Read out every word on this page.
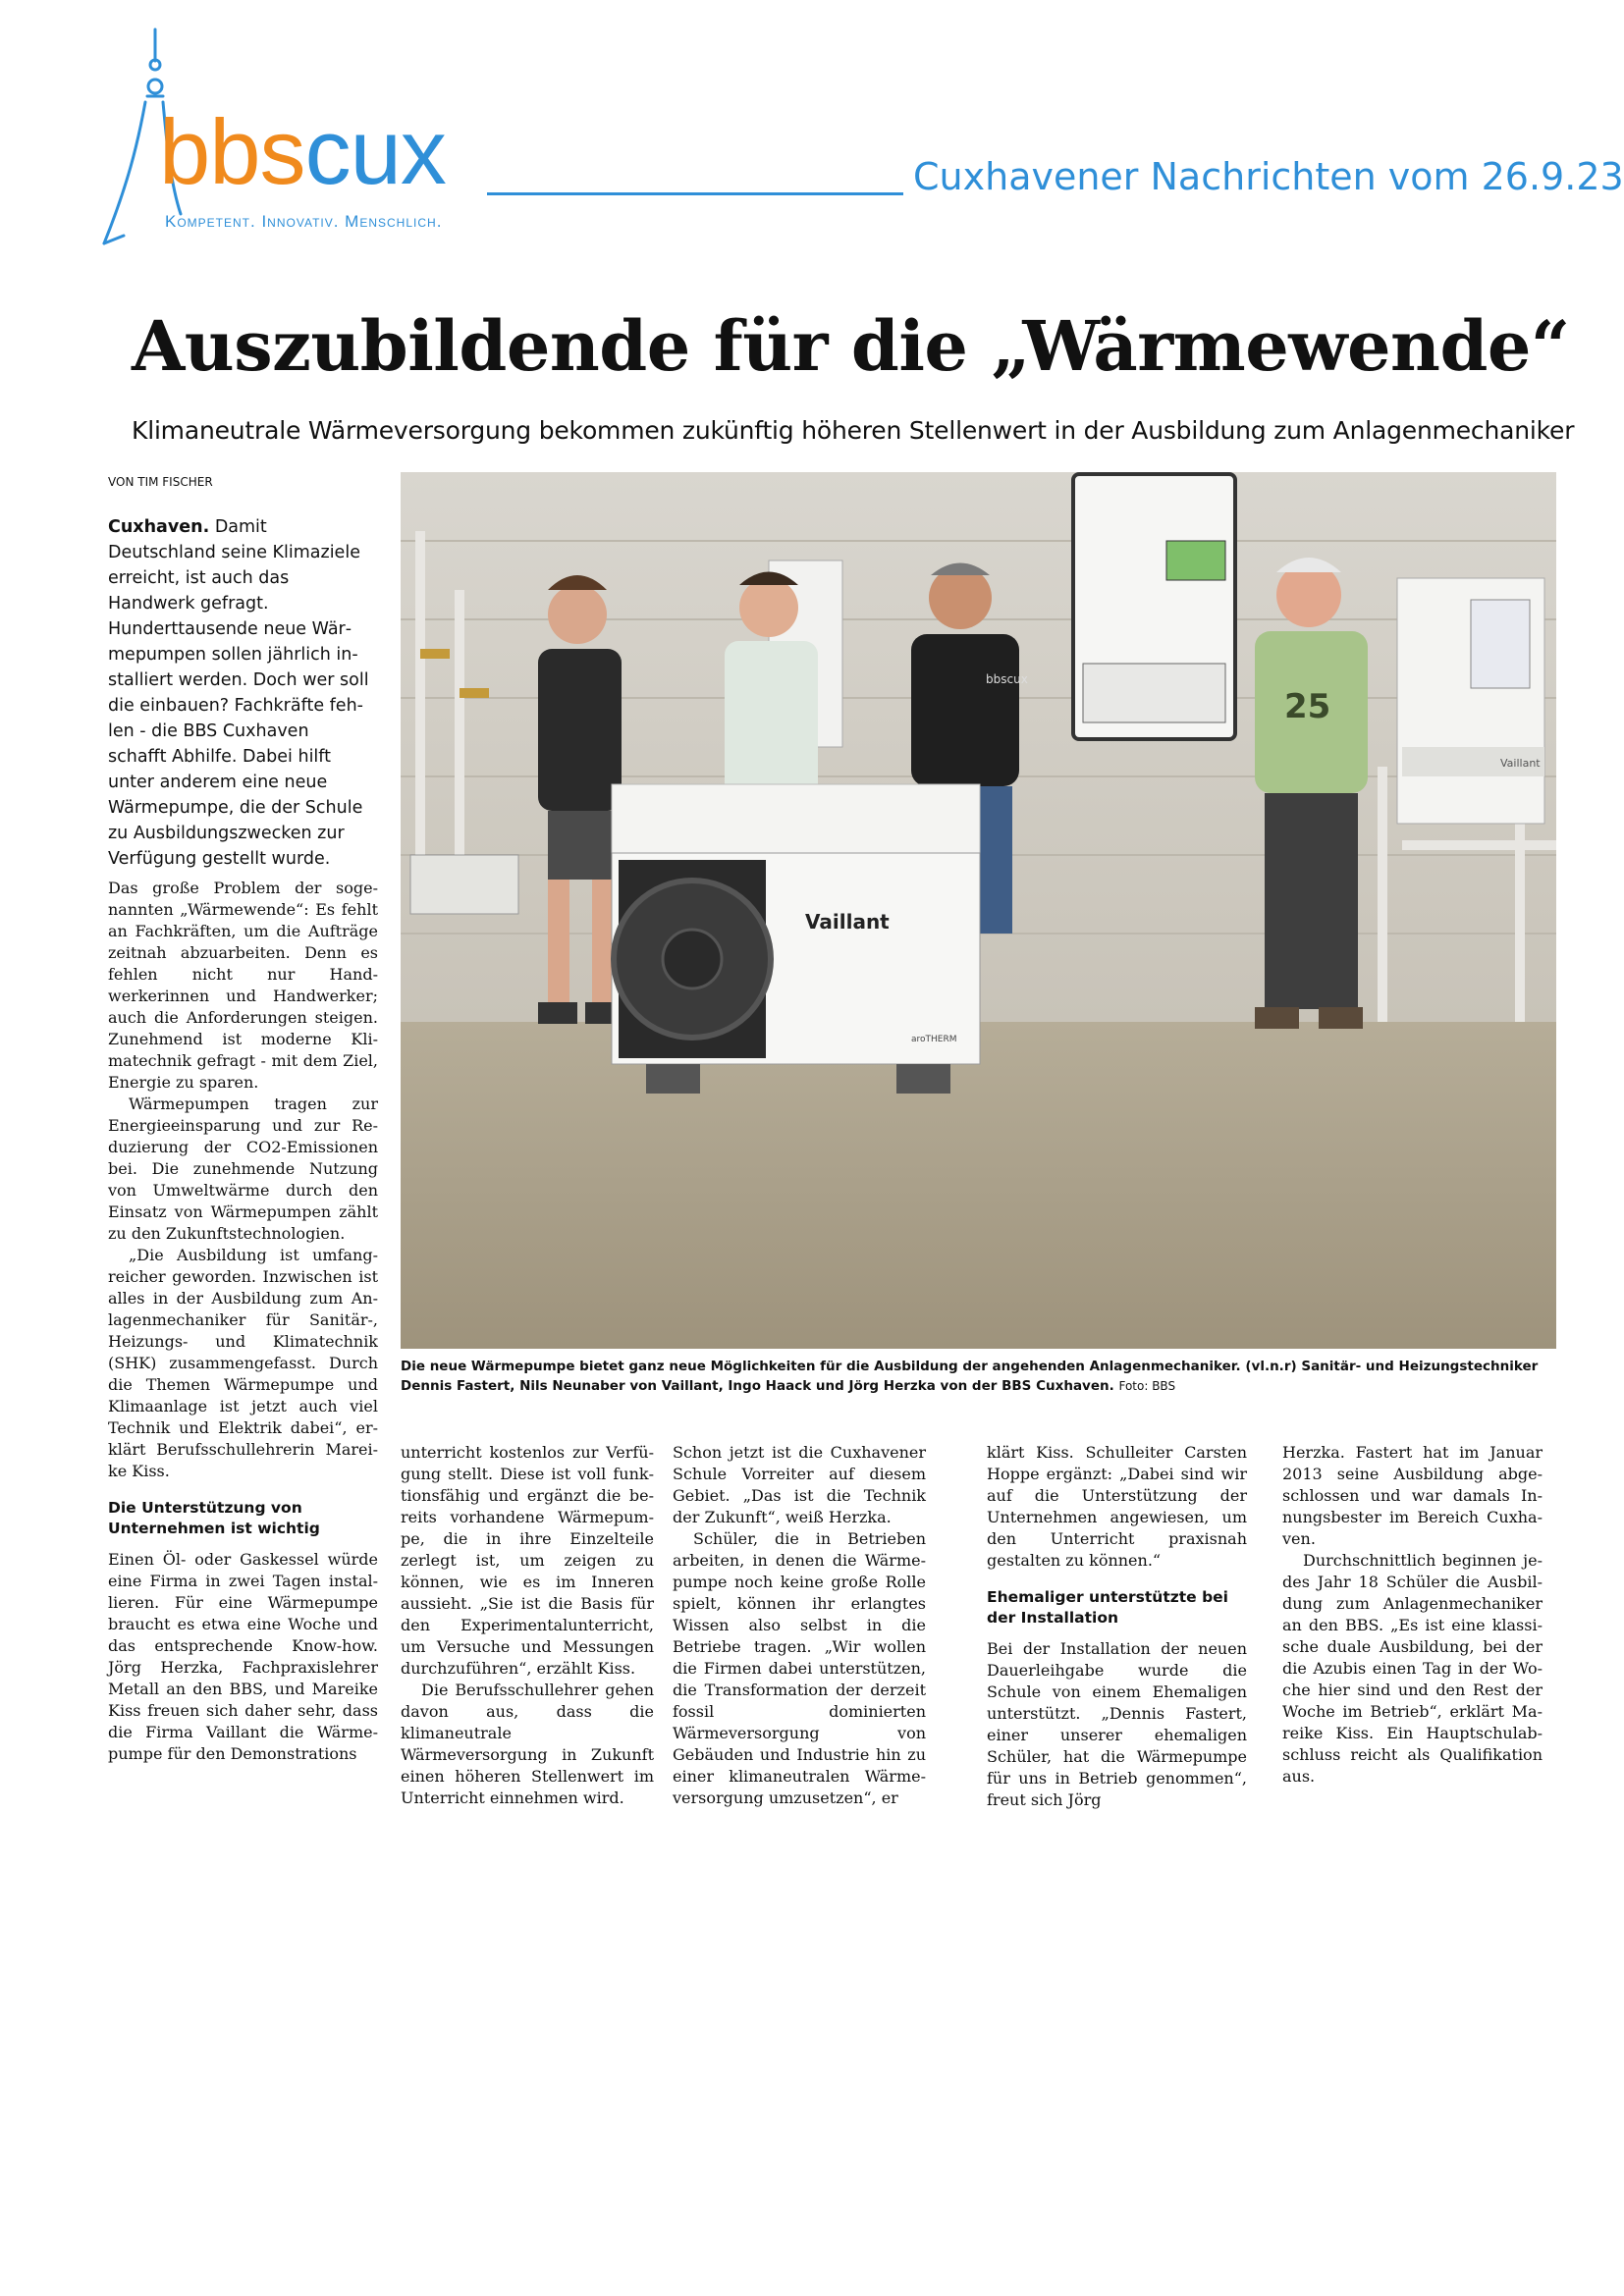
bbscux
Kompetent. Innovativ. Menschlich.
Cuxhavener Nachrichten vom 26.9.23
Auszubildende für die „Wärmewende“
Klimaneutrale Wärmeversorgung bekommen zukünftig höheren Stellenwert in der Ausbildung zum Anlagenmechaniker
VON TIM FISCHER
Cuxhaven. Damit Deutschland seine Klimaziele erreicht, ist auch das Handwerk gefragt. Hunderttausende neue Wärmepumpen sollen jährlich installiert werden. Doch wer soll die einbauen? Fachkräfte fehlen - die BBS Cuxhaven schafft Abhilfe. Dabei hilft unter anderem eine neue Wärmepumpe, die der Schule zu Ausbildungszwecken zur Verfügung gestellt wurde.

Das große Problem der sogenannten „Wärmewende“: Es fehlt an Fachkräften, um die Aufträge zeitnah abzuarbeiten. Denn es fehlen nicht nur Handwerkerinnen und Handwerker; auch die Anforderungen steigen. Zunehmend ist moderne Klimatechnik gefragt - mit dem Ziel, Energie zu sparen.

Wärmepumpen tragen zur Energieeinsparung und zur Reduzierung der CO2-Emissionen bei. Die zunehmende Nutzung von Umweltwärme durch den Einsatz von Wärmepumpen zählt zu den Zukunftstechnologien.

„Die Ausbildung ist umfangreicher geworden. Inzwischen ist alles in der Ausbildung zum Anlagenmechaniker für Sanitär-, Heizungs- und Klimatechnik (SHK) zusammengefasst. Durch die Themen Wärmepumpe und Klimaanlage ist jetzt auch viel Technik und Elektrik dabei“, erklärt Berufsschullehrerin Mareike Kiss.

Die Unterstützung von Unternehmen ist wichtig

Einen Öl- oder Gaskessel würde eine Firma in zwei Tagen installieren. Für eine Wärmepumpe braucht es etwa eine Woche und das entsprechende Know-how. Jörg Herzka, Fachpraxislehrer Metall an den BBS, und Mareike Kiss freuen sich daher sehr, dass die Firma Vaillant die Wärmepumpe für den Demonstrations

Vaillant
bbscux
25
Vaillant
aroTHERM
Die neue Wärmepumpe bietet ganz neue Möglichkeiten für die Ausbildung der angehenden Anlagenmechaniker. (vl.n.r) Sanitär- und Heizungstechniker Dennis Fastert, Nils Neunaber von Vaillant, Ingo Haack und Jörg Herzka von der BBS Cuxhaven. Foto: BBS

unterricht kostenlos zur Verfügung stellt. Diese ist voll funktionsfähig und ergänzt die bereits vorhandene Wärmepumpe, die in ihre Einzelteile zerlegt ist, um zeigen zu können, wie es im Inneren aussieht. „Sie ist die Basis für den Experimentalunterricht, um Versuche und Messungen durchzuführen“, erzählt Kiss.

Die Berufsschullehrer gehen davon aus, dass die klimaneutrale Wärmeversorgung in Zukunft einen höheren Stellenwert im Unterricht einnehmen wird.

Schon jetzt ist die Cuxhavener Schule Vorreiter auf diesem Gebiet. „Das ist die Technik der Zukunft“, weiß Herzka.

Schüler, die in Betrieben arbeiten, in denen die Wärmepumpe noch keine große Rolle spielt, können ihr erlangtes Wissen also selbst in die Betriebe tragen. „Wir wollen die Firmen dabei unterstützen, die Transformation der derzeit fossil dominierten Wärmeversorgung von Gebäuden und Industrie hin zu einer klimaneutralen Wärmeversorgung umzusetzen“, er

klärt Kiss. Schulleiter Carsten Hoppe ergänzt: „Dabei sind wir auf die Unterstützung der Unternehmen angewiesen, um den Unterricht praxisnah gestalten zu können.“

Ehemaliger unterstützte bei der Installation

Bei der Installation der neuen Dauerleihgabe wurde die Schule von einem Ehemaligen unterstützt. „Dennis Fastert, einer unserer ehemaligen Schüler, hat die Wärmepumpe für uns in Betrieb genommen“, freut sich Jörg

Herzka. Fastert hat im Januar 2013 seine Ausbildung abgeschlossen und war damals Innungsbester im Bereich Cuxhaven.

Durchschnittlich beginnen jedes Jahr 18 Schüler die Ausbildung zum Anlagenmechaniker an den BBS. „Es ist eine klassische duale Ausbildung, bei der die Azubis einen Tag in der Woche hier sind und den Rest der Woche im Betrieb“, erklärt Mareike Kiss. Ein Hauptschulabschluss reicht als Qualifikation aus.
